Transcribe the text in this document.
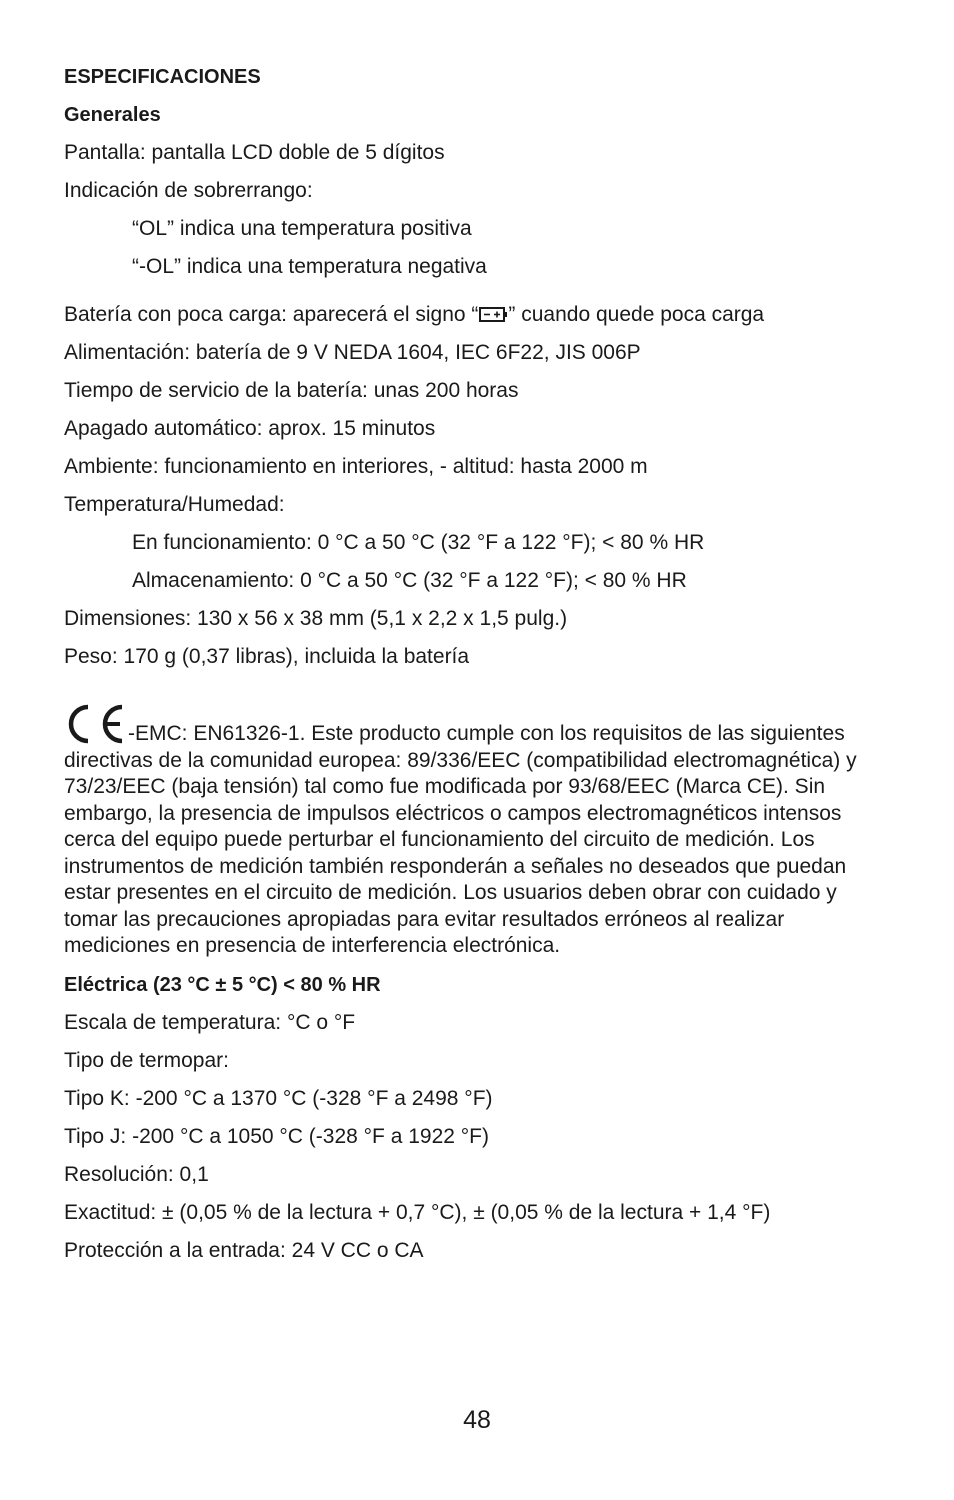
ESPECIFICACIONES
Generales
Pantalla: pantalla LCD doble de 5 dígitos
Indicación de sobrerrango:
“OL” indica una temperatura positiva
“-OL” indica una temperatura negativa
Batería con poca carga: aparecerá el signo “ ” cuando quede poca carga
Alimentación: batería de 9 V NEDA 1604, IEC 6F22, JIS 006P
Tiempo de servicio de la batería: unas 200 horas
Apagado automático: aprox. 15 minutos
Ambiente: funcionamiento en interiores, - altitud: hasta 2000 m
Temperatura/Humedad:
En funcionamiento: 0 °C a 50 °C (32 °F a 122 °F); < 80 % HR
Almacenamiento: 0 °C a 50 °C (32 °F a 122 °F); < 80 % HR
Dimensiones: 130 x 56 x 38 mm (5,1 x 2,2 x 1,5 pulg.)
Peso: 170 g (0,37 libras), incluida la batería
-EMC: EN61326-1. Este producto cumple con los requisitos de las siguientes directivas de la comunidad europea: 89/336/EEC (compatibilidad electromagnética) y 73/23/EEC (baja tensión) tal como fue modificada por 93/68/EEC (Marca CE). Sin embargo, la presencia de impulsos eléctricos o campos electromagnéticos intensos cerca del equipo puede perturbar el funcionamiento del circuito de medición. Los instrumentos de medición también responderán a señales no deseados que puedan estar presentes en el circuito de medición. Los usuarios deben obrar con cuidado y tomar las precauciones apropiadas para evitar resultados erróneos al realizar mediciones en presencia de interferencia electrónica.
Eléctrica (23 °C ± 5 °C) < 80 % HR
Escala de temperatura: °C o °F
Tipo de termopar:
Tipo K: -200 °C a 1370 °C (-328 °F a 2498 °F)
Tipo J: -200 °C a 1050 °C (-328 °F a 1922 °F)
Resolución: 0,1
Exactitud: ± (0,05 % de la lectura + 0,7 °C), ± (0,05 % de la lectura + 1,4 °F)
Protección a la entrada: 24 V CC o CA
48
